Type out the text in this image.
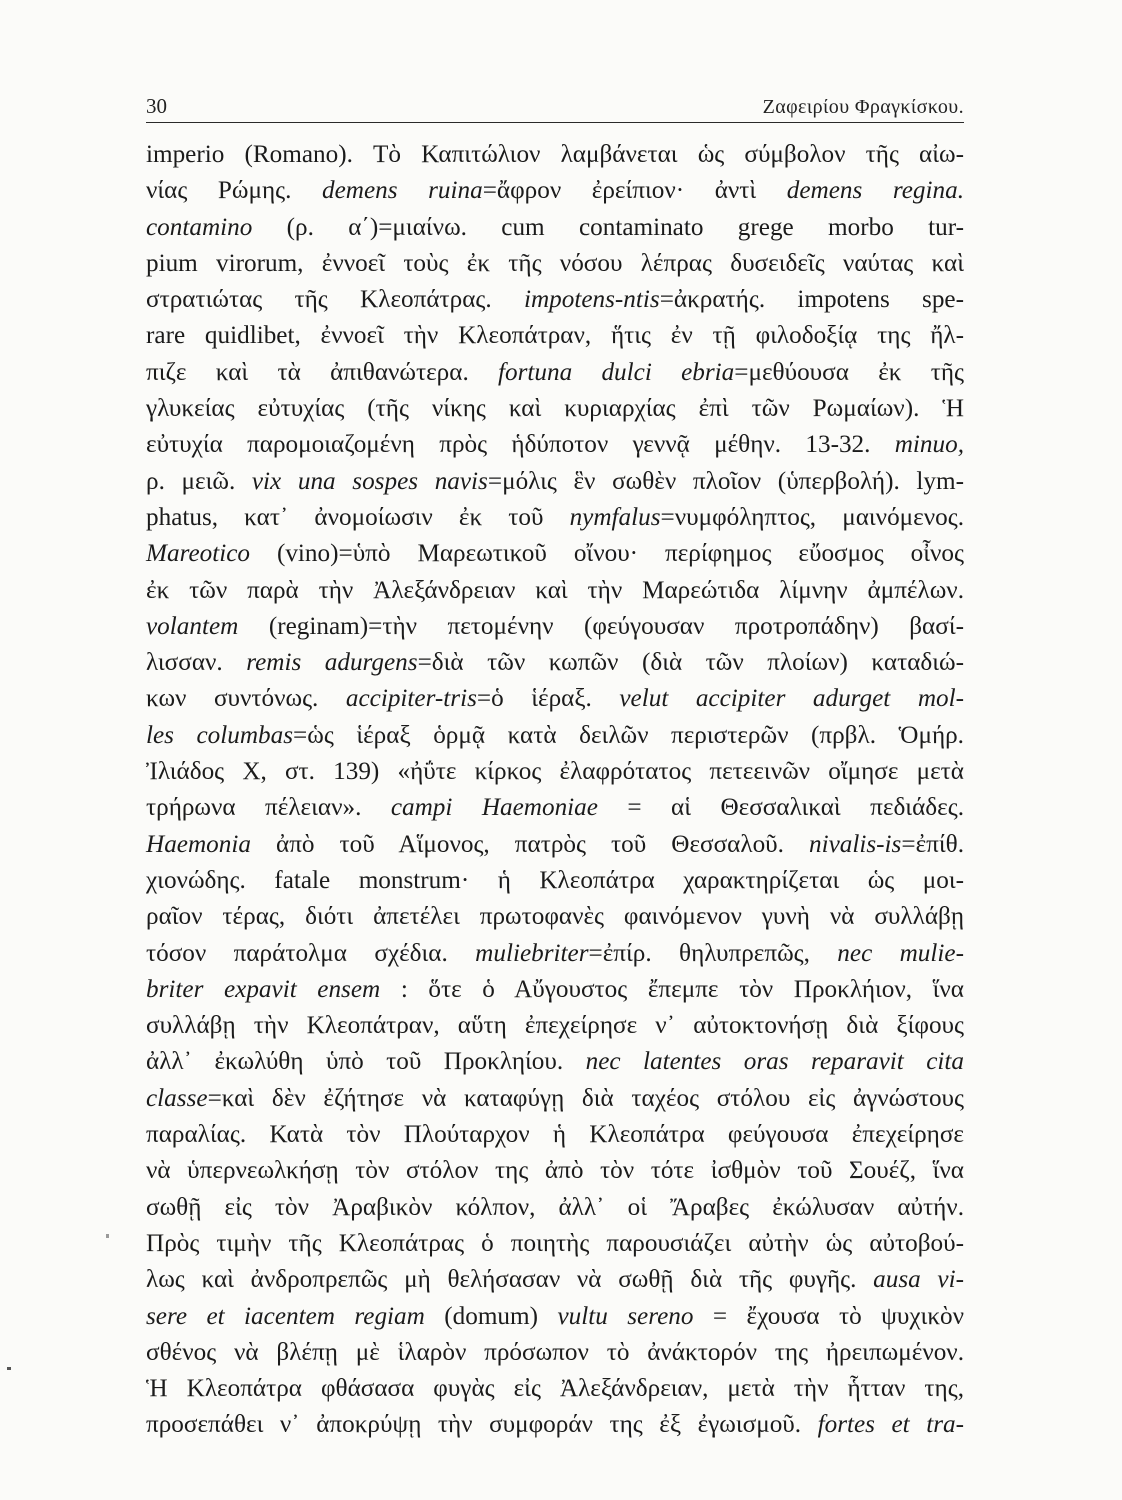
30	Ζαφειρίου Φραγκίσκου.
imperio (Romano). Τὸ Καπιτώλιον λαμβάνεται ὡς σύμβολον τῆς αἰω-
νίας Ρώμης. demens ruina=ἄφρον ἐρείπιον· ἀντὶ demens regina.
contamino (ρ. α΄)=μιαίνω. cum contaminato grege morbo tur-
pium virorum, ἐννοεῖ τοὺς ἐκ τῆς νόσου λέπρας δυσειδεῖς ναύτας καὶ
στρατιώτας τῆς Κλεοπάτρας. impotens-ntis=ἀκρατής. impotens spe-
rare quidlibet, ἐννοεῖ τὴν Κλεοπάτραν, ἥτις ἐν τῇ φιλοδοξίᾳ της ἤλ-
πιζε καὶ τὰ ἀπιθανώτερα. fortuna dulci ebria=μεθύουσα ἐκ τῆς
γλυκείας εὐτυχίας (τῆς νίκης καὶ κυριαρχίας ἐπὶ τῶν Ρωμαίων). Ἡ
εὐτυχία παρομοιαζομένη πρὸς ἡδύποτον γεννᾷ μέθην. 13-32. minuo,
ρ. μειῶ. vix una sospes navis=μόλις ἓν σωθὲν πλοῖον (ὑπερβολή). lym-
phatus, κατ᾽ ἀνομοίωσιν ἐκ τοῦ nymfalus=νυμφόληπτος, μαινόμενος.
Mareotico (vino)=ὑπὸ Μαρεωτικοῦ οἴνου· περίφημος εὔοσμος οἶνος
ἐκ τῶν παρὰ τὴν Ἀλεξάνδρειαν καὶ τὴν Μαρεώτιδα λίμνην ἀμπέλων.
volantem (reginam)=τὴν πετομένην (φεύγουσαν προτροπάδην) βασί-
λισσαν. remis adurgens=διὰ τῶν κωπῶν (διὰ τῶν πλοίων) καταδιώ-
κων συντόνως. accipiter-tris=ὁ ἱέραξ. velut accipiter adurget mol-
les columbas=ὡς ἱέραξ ὁρμᾷ κατὰ δειλῶν περιστερῶν (πρβλ. Ὁμήρ.
Ἰλιάδος Χ, στ. 139) «ἠΰτε κίρκος ἐλαφρότατος πετεεινῶν οἴμησε μετὰ
τρήρωνα πέλειαν». campi Haemoniae = αἱ Θεσσαλικαὶ πεδιάδες.
Haemonia ἀπὸ τοῦ Αἵμονος, πατρὸς τοῦ Θεσσαλοῦ. nivalis-is=ἐπίθ.
χιονώδης. fatale monstrum· ἡ Κλεοπάτρα χαρακτηρίζεται ὡς μοι-
ραῖον τέρας, διότι ἀπετέλει πρωτοφανὲς φαινόμενον γυνὴ νὰ συλλάβῃ
τόσον παράτολμα σχέδια. muliebriter=ἐπίρ. θηλυπρεπῶς, nec mulie-
briter expavit ensem : ὅτε ὁ Αὔγουστος ἔπεμπε τὸν Προκλήιον, ἵνα
συλλάβῃ τὴν Κλεοπάτραν, αὕτη ἐπεχείρησε ν᾽ αὐτοκτονήσῃ διὰ ξίφους
ἀλλ᾽ ἐκωλύθη ὑπὸ τοῦ Προκληίου. nec latentes oras reparavit cita
classe=καὶ δὲν ἐζήτησε νὰ καταφύγῃ διὰ ταχέος στόλου εἰς ἀγνώστους
παραλίας. Κατὰ τὸν Πλούταρχον ἡ Κλεοπάτρα φεύγουσα ἐπεχείρησε
νὰ ὑπερνεωλκήσῃ τὸν στόλον της ἀπὸ τὸν τότε ἰσθμὸν τοῦ Σουέζ, ἵνα
σωθῇ εἰς τὸν Ἀραβικὸν κόλπον, ἀλλ᾽ οἱ Ἄραβες ἐκώλυσαν αὐτήν.
Πρὸς τιμὴν τῆς Κλεοπάτρας ὁ ποιητὴς παρουσιάζει αὐτὴν ὡς αὐτοβού-
λως καὶ ἀνδροπρεπῶς μὴ θελήσασαν νὰ σωθῇ διὰ τῆς φυγῆς. ausa vi-
sere et iacentem regiam (domum) vultu sereno = ἔχουσα τὸ ψυχικὸν
σθένος νὰ βλέπῃ μὲ ἱλαρὸν πρόσωπον τὸ ἀνάκτορόν της ἠρειπωμένον.
Ἡ Κλεοπάτρα φθάσασα φυγὰς εἰς Ἀλεξάνδρειαν, μετὰ τὴν ἧτταν της,
προσεπάθει ν᾽ ἀποκρύψῃ τὴν συμφοράν της ἐξ ἐγωισμοῦ. fortes et tra-
